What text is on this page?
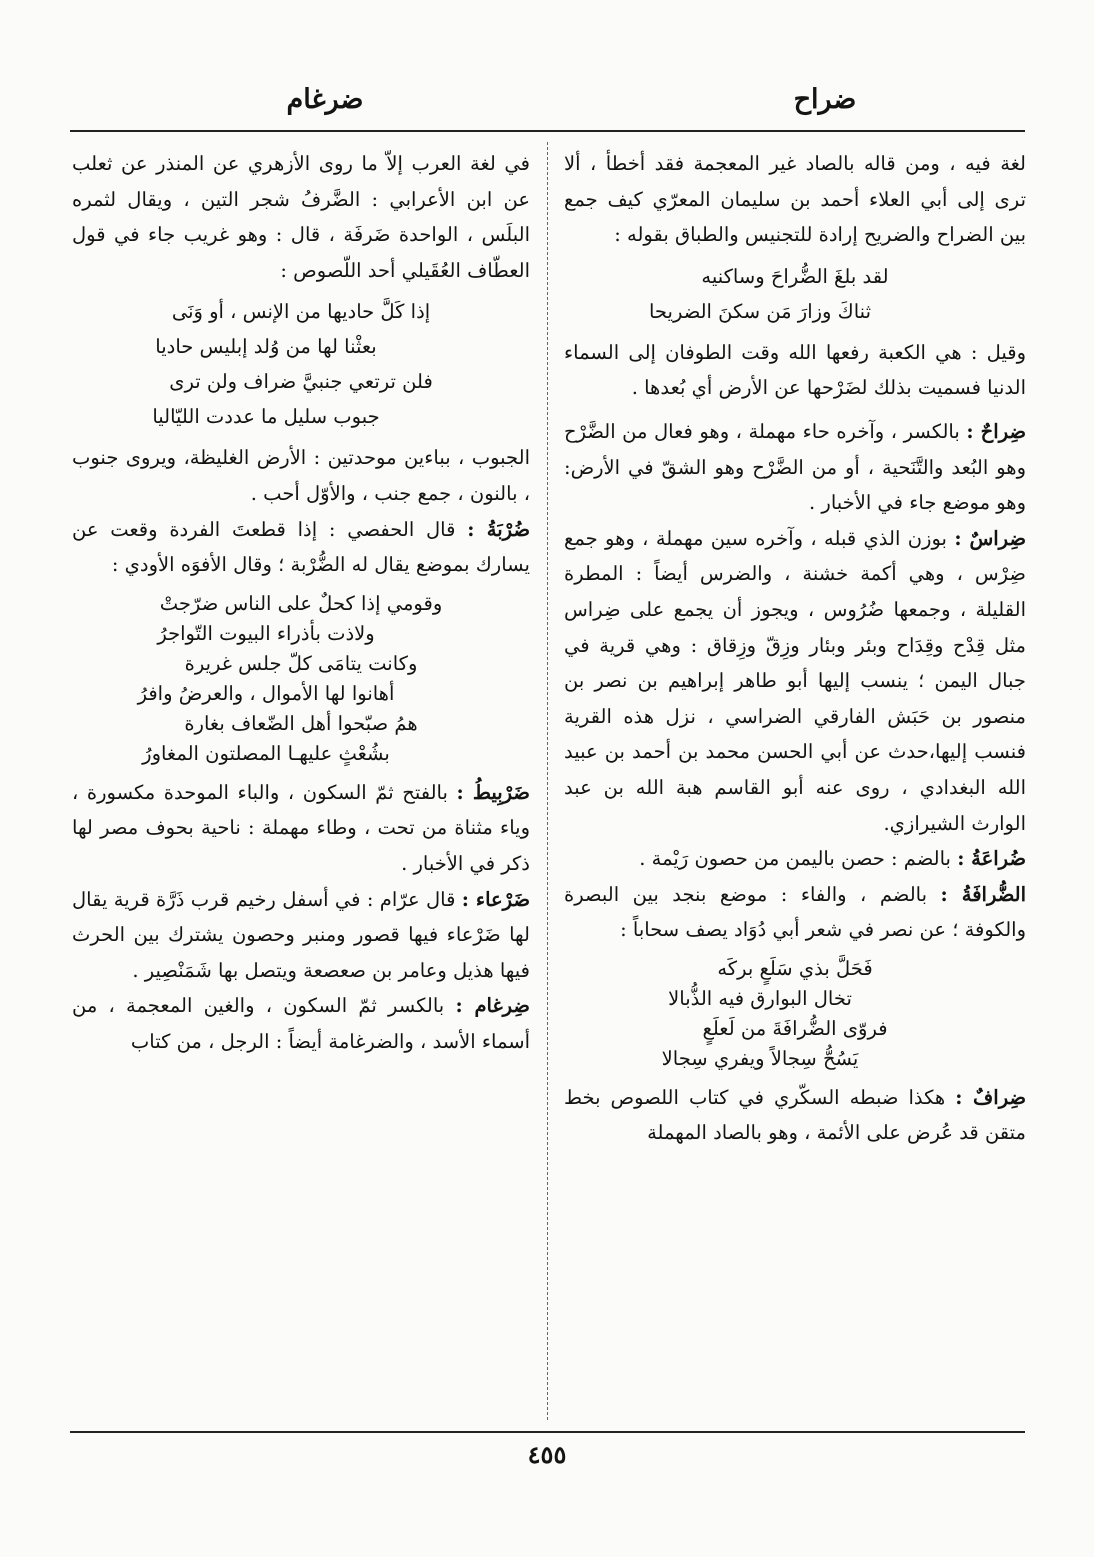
ضراح
ضرغام

لغة فيه ، ومن قاله بالصاد غير المعجمة فقد أخطأ ، ألا ترى إلى أبي العلاء أحمد بن سليمان المعرّي كيف جمع بين الضراح والضريح إرادة للتجنيس والطباق بقوله :

لقد بلغَ الضُّراحَ وساكنيه
ثناكَ وزارَ مَن سكنَ الضريحا

وقيل : هي الكعبة رفعها الله وقت الطوفان إلى السماء الدنيا فسميت بذلك لضَرْحها عن الأرض أي بُعدها .

ضِراحٌ : بالكسر ، وآخره حاء مهملة ، وهو فعال من الضَّرْح وهو البُعد والتَّنَحية ، أو من الضَّرْح وهو الشقّ في الأرض: وهو موضع جاء في الأخبار .

ضِراسٌ : بوزن الذي قبله ، وآخره سين مهملة ، وهو جمع ضِرْس ، وهي أكمة خشنة ، والضرس أيضاً : المطرة القليلة ، وجمعها ضُرُوس ، ويجوز أن يجمع على ضِراس مثل قِدْح وقِدَاح وبئر وبئار وزِقّ وزِقاق : وهي قرية في جبال اليمن ؛ ينسب إليها أبو طاهر إبراهيم بن نصر بن منصور بن حَبَش الفارقي الضراسي ، نزل هذه القرية فنسب إليها،حدث عن أبي الحسن محمد بن أحمد بن عبيد الله البغدادي ، روى عنه أبو القاسم هبة الله بن عبد الوارث الشيرازي.

ضُراعَةُ : بالضم : حصن باليمن من حصون رَيْمة .

الضُّرافَةُ : بالضم ، والفاء : موضع بنجد بين البصرة والكوفة ؛ عن نصر في شعر أبي دُوَاد يصف سحاباً :

فَحَلَّ بذي سَلَعٍ بركَه
تخال البوارق فيه الذُّبالا
فروّى الضُّرافَةَ من لَعلَعٍ
يَسُحُّ سِجالاً ويفري سِجالا

ضِرافٌ : هكذا ضبطه السكّري في كتاب اللصوص بخط متقن قد عُرض على الأئمة ، وهو بالصاد المهملة

في لغة العرب إلاّ ما روى الأزهري عن المنذر عن ثعلب عن ابن الأعرابي : الضَّرفُ شجر التين ، ويقال لثمره البلَس ، الواحدة ضَرفَة ، قال : وهو غريب جاء في قول العطّاف العُقَيلي أحد اللّصوص :

إذا كَلَّ حاديها من الإنس ، أو وَنَى
بعثْنا لها من وُلد إبليس حاديا
فلن ترتعي جنبيَّ ضراف ولن ترى
جبوب سليل ما عددت الليّاليا

الجبوب ، بباءين موحدتين : الأرض الغليظة، ويروى جنوب ، بالنون ، جمع جنب ، والأوّل أحب .

ضُرْبَةُ : قال الحفصي : إذا قطعتَ الفردة وقعت عن يسارك بموضع يقال له الضُّرْبة ؛ وقال الأفوَه الأودي :

وقومي إذا كحلٌ على الناس ضرّجتْ
ولاذت بأذراء البيوت التّواجرُ
وكانت يتامَى كلّ جلس غريرة
أهانوا لها الأموال ، والعرضُ وافرُ
همُ صبّحوا أهل الضّعاف بغارة
بشُعْثٍ عليهـا المصلتون المغاورُ

ضَرْبِيطُ : بالفتح ثمّ السكون ، والباء الموحدة مكسورة ، وياء مثناة من تحت ، وطاء مهملة : ناحية بحوف مصر لها ذكر في الأخبار .

ضَرْعاء : قال عرّام : في أسفل رخيم قرب ذَرَّة قرية يقال لها ضَرْعاء فيها قصور ومنبر وحصون يشترك بين الحرث فيها هذيل وعامر بن صعصعة ويتصل بها شَمَنْصِير .

ضِرغام : بالكسر ثمّ السكون ، والغين المعجمة ، من أسماء الأسد ، والضرغامة أيضاً : الرجل ، من كتاب

٤٥٥
